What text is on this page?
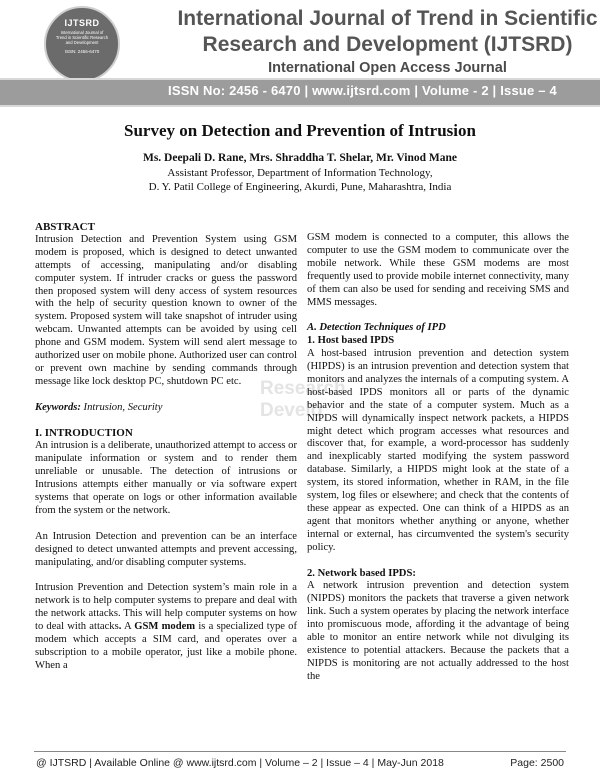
IJTSRD
International Journal of Trend in Scientific Research and Development
ISSN: 2456-6470
International Journal of Trend in Scientific
Research and Development (IJTSRD)
International Open Access Journal
ISSN No: 2456 - 6470 | www.ijtsrd.com | Volume - 2 | Issue – 4
Survey on Detection and Prevention of Intrusion
Ms. Deepali D. Rane, Mrs. Shraddha T. Shelar, Mr. Vinod Mane
Assistant Professor, Department of Information Technology,
D. Y. Patil College of Engineering, Akurdi, Pune, Maharashtra, India
Research
Develo

ABSTRACT

Intrusion Detection and Prevention System using GSM modem is proposed, which is designed to detect unwanted attempts of accessing, manipulating and/or disabling computer system. If intruder cracks or guess the password then proposed system will deny access of system resources with the help of security question known to owner of the system. Proposed system will take snapshot of intruder using webcam. Unwanted attempts can be avoided by using cell phone and GSM modem. System will send alert message to authorized user on mobile phone. Authorized user can control or prevent own machine by sending commands through message like lock desktop PC, shutdown PC etc.

Keywords: Intrusion, Security

I. INTRODUCTION

An intrusion is a deliberate, unauthorized attempt to access or manipulate information or system and to render them unreliable or unusable. The detection of intrusions or Intrusions attempts either manually or via software expert systems that operate on logs or other information available from the system or the network.

An Intrusion Detection and prevention can be an interface designed to detect unwanted attempts and prevent accessing, manipulating, and/or disabling computer systems.

Intrusion Prevention and Detection system’s main role in a network is to help computer systems to prepare and deal with the network attacks. This will help computer systems on how to deal with attacks. A GSM modem is a specialized type of modem which accepts a SIM card, and operates over a subscription to a mobile operator, just like a mobile phone. When a

GSM modem is connected to a computer, this allows the computer to use the GSM modem to communicate over the mobile network. While these GSM modems are most frequently used to provide mobile internet connectivity, many of them can also be used for sending and receiving SMS and MMS messages.

A. Detection Techniques of IPD

1. Host based IPDS

A host-based intrusion prevention and detection system (HIPDS) is an intrusion prevention and detection system that monitors and analyzes the internals of a computing system. A host-based IPDS monitors all or parts of the dynamic behavior and the state of a computer system. Much as a NIPDS will dynamically inspect network packets, a HIPDS might detect which program accesses what resources and discover that, for example, a word-processor has suddenly and inexplicably started modifying the system password database. Similarly, a HIPDS might look at the state of a system, its stored information, whether in RAM, in the file system, log files or elsewhere; and check that the contents of these appear as expected. One can think of a HIPDS as an agent that monitors whether anything or anyone, whether internal or external, has circumvented the system's security policy.

2. Network based IPDS:

A network intrusion prevention and detection system (NIPDS) monitors the packets that traverse a given network link. Such a system operates by placing the network interface into promiscuous mode, affording it the advantage of being able to monitor an entire network while not divulging its existence to potential attackers. Because the packets that a NIPDS is monitoring are not actually addressed to the host the

@ IJTSRD | Available Online @ www.ijtsrd.com | Volume – 2 | Issue – 4 | May-Jun 2018	Page: 2500
